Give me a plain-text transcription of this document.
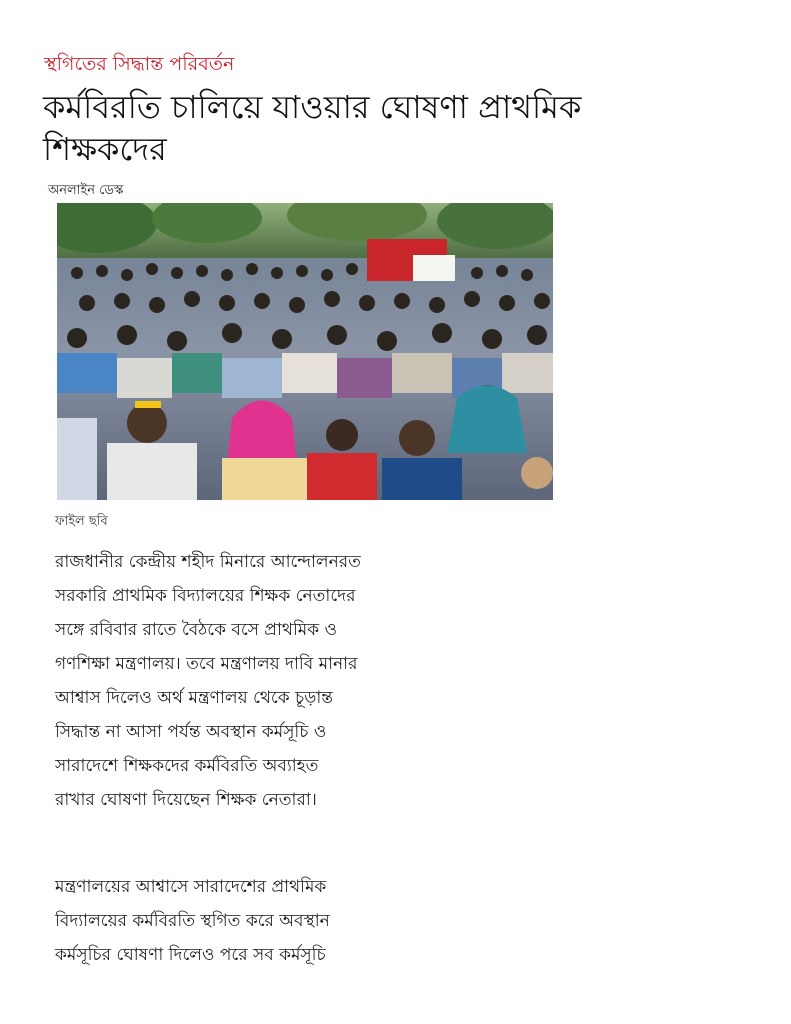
স্থগিতের সিদ্ধান্ত পরিবর্তন
কর্মবিরতি চালিয়ে যাওয়ার ঘোষণা প্রাথমিক
শিক্ষকদের
অনলাইন ডেস্ক
ফাইল ছবি
রাজধানীর কেন্দ্রীয় শহীদ মিনারে আন্দোলনরত
সরকারি প্রাথমিক বিদ্যালয়ের শিক্ষক নেতাদের
সঙ্গে রবিবার রাতে বৈঠকে বসে প্রাথমিক ও
গণশিক্ষা মন্ত্রণালয়। তবে মন্ত্রণালয় দাবি মানার
আশ্বাস দিলেও অর্থ মন্ত্রণালয় থেকে চূড়ান্ত
সিদ্ধান্ত না আসা পর্যন্ত অবস্থান কর্মসূচি ও
সারাদেশে শিক্ষকদের কর্মবিরতি অব্যাহত
রাখার ঘোষণা দিয়েছেন শিক্ষক নেতারা।
মন্ত্রণালয়ের আশ্বাসে সারাদেশের প্রাথমিক
বিদ্যালয়ের কর্মবিরতি স্থগিত করে অবস্থান
কর্মসূচির ঘোষণা দিলেও পরে সব কর্মসূচি
